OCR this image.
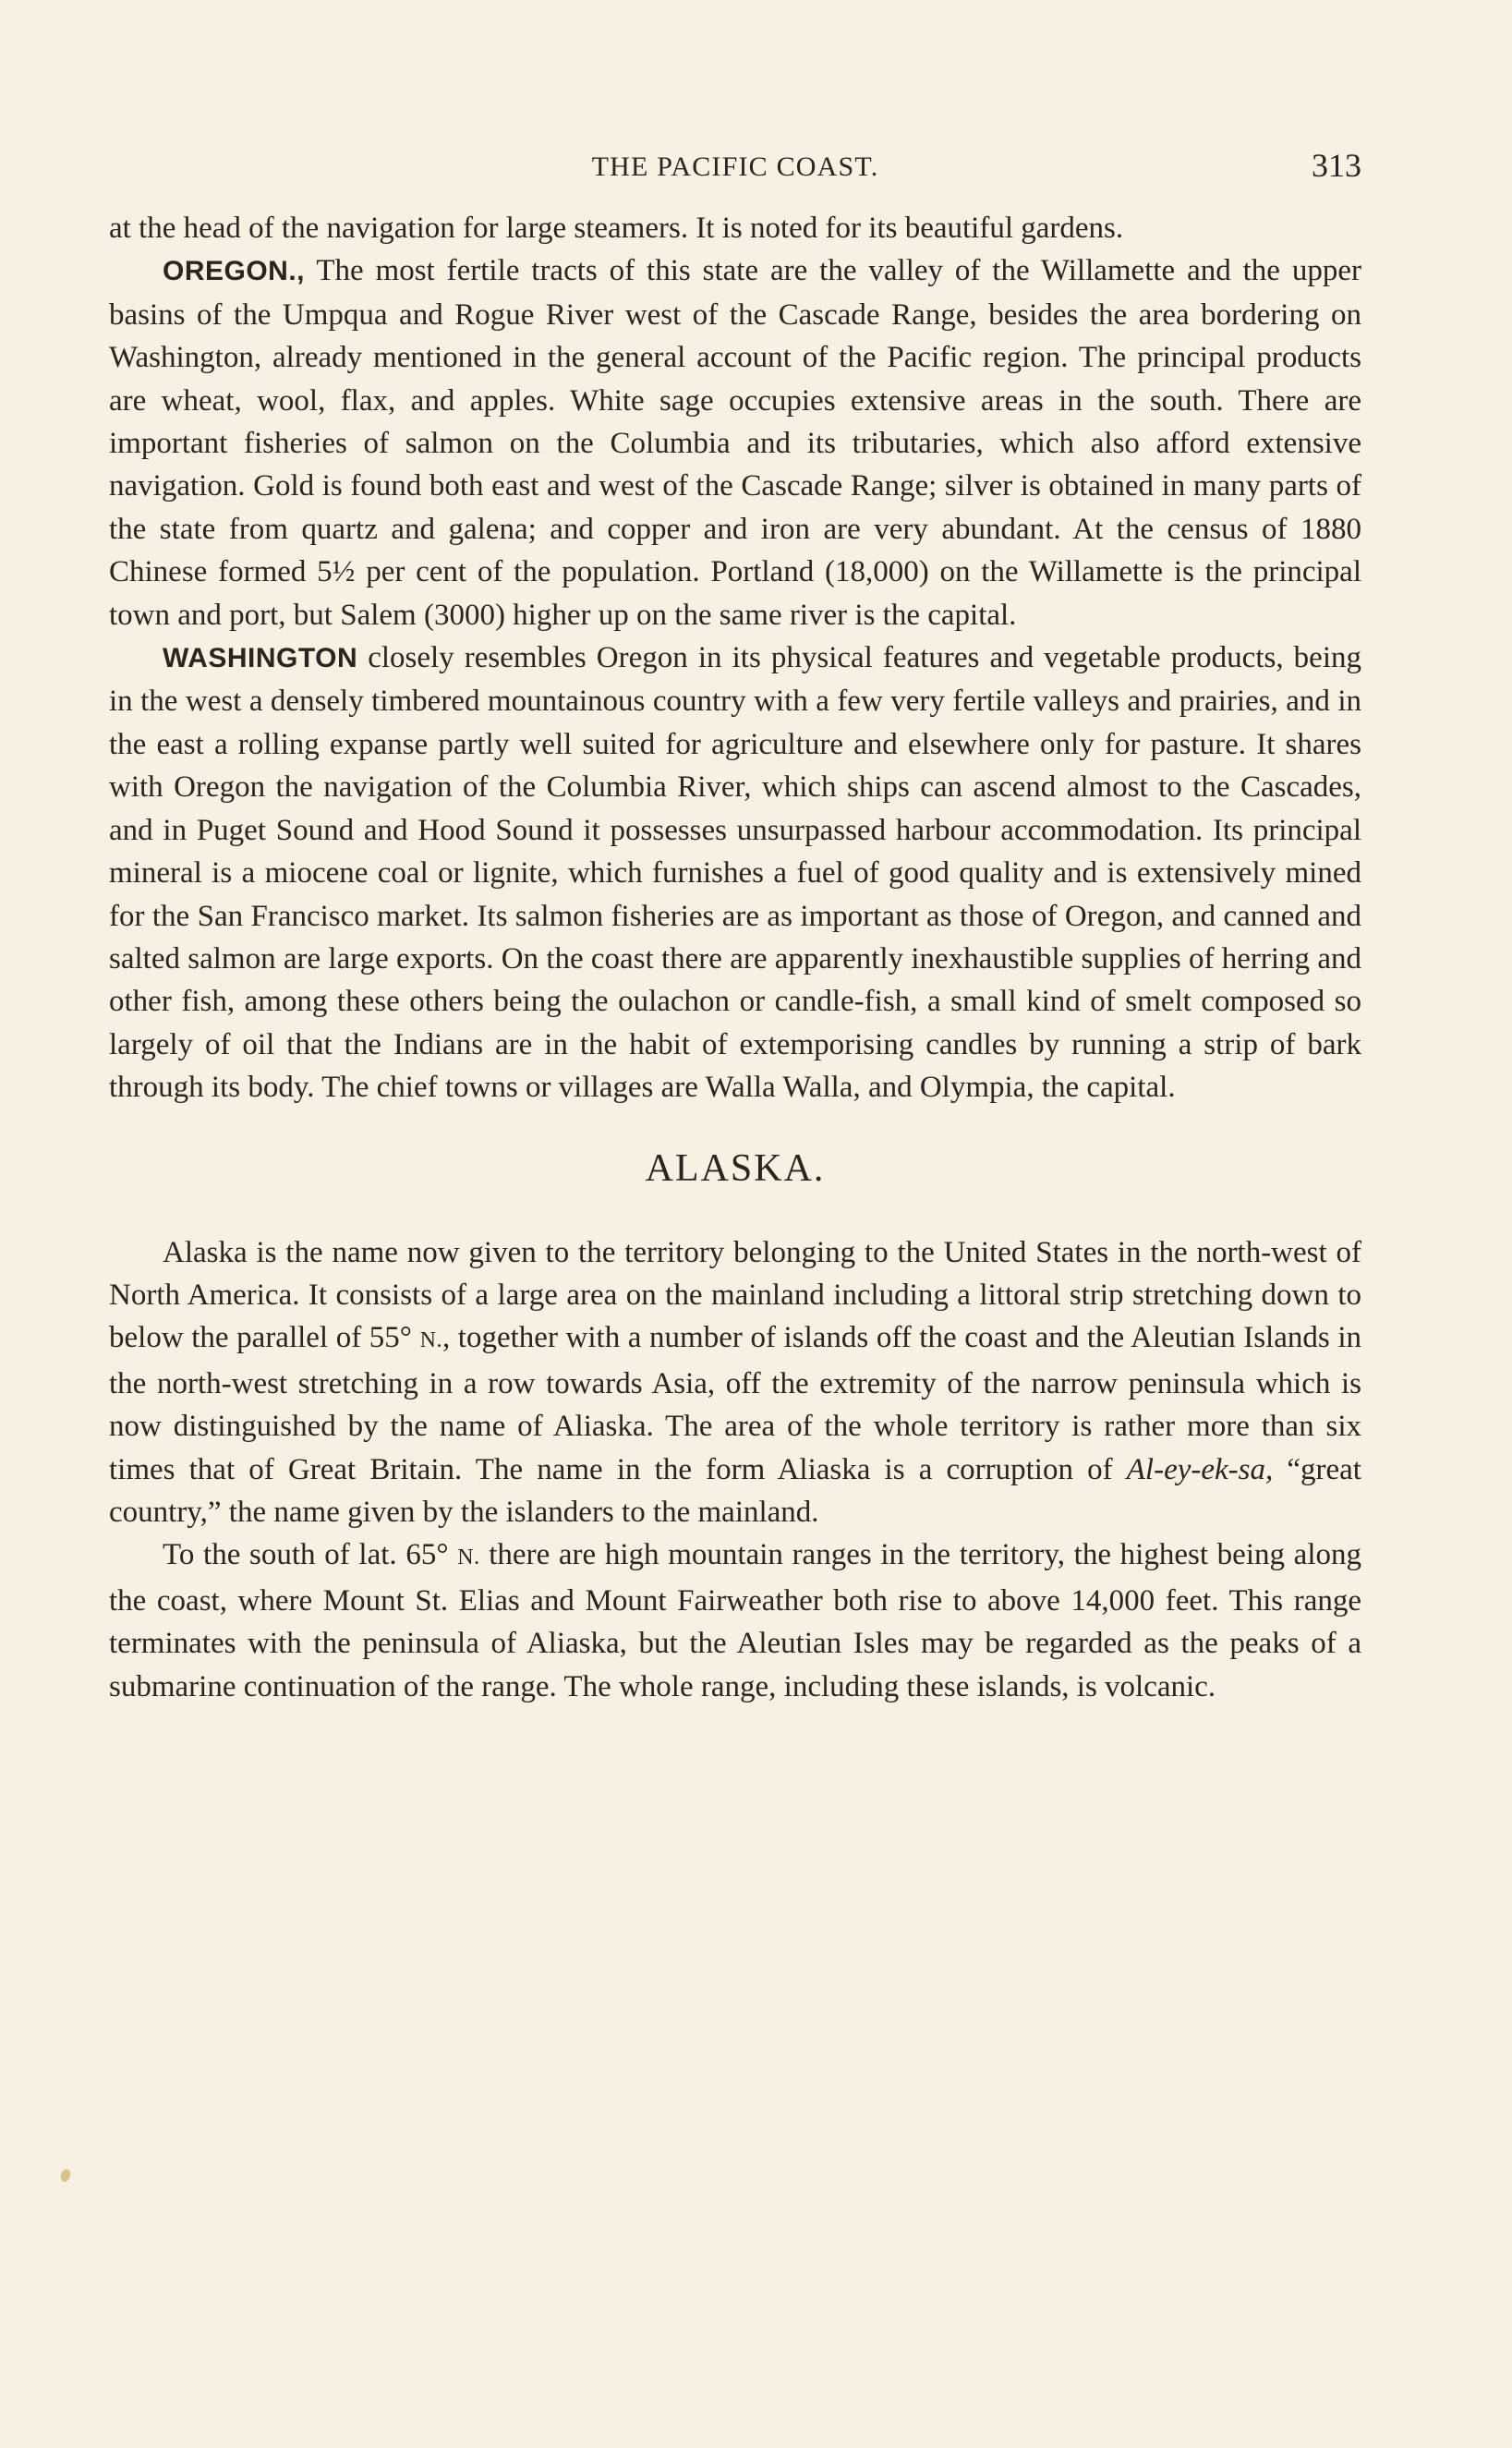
THE PACIFIC COAST.	313

at the head of the navigation for large steamers. It is noted for its beautiful gardens.

OREGON., The most fertile tracts of this state are the valley of the Willamette and the upper basins of the Umpqua and Rogue River west of the Cascade Range, besides the area bordering on Washington, already mentioned in the general account of the Pacific region. The principal products are wheat, wool, flax, and apples. White sage occupies extensive areas in the south. There are important fisheries of salmon on the Columbia and its tributaries, which also afford extensive navigation. Gold is found both east and west of the Cascade Range; silver is obtained in many parts of the state from quartz and galena; and copper and iron are very abundant. At the census of 1880 Chinese formed 5½ per cent of the population. Portland (18,000) on the Willamette is the principal town and port, but Salem (3000) higher up on the same river is the capital.

WASHINGTON closely resembles Oregon in its physical features and vegetable products, being in the west a densely timbered mountainous country with a few very fertile valleys and prairies, and in the east a rolling expanse partly well suited for agriculture and elsewhere only for pasture. It shares with Oregon the navigation of the Columbia River, which ships can ascend almost to the Cascades, and in Puget Sound and Hood Sound it possesses unsurpassed harbour accommodation. Its principal mineral is a miocene coal or lignite, which furnishes a fuel of good quality and is extensively mined for the San Francisco market. Its salmon fisheries are as important as those of Oregon, and canned and salted salmon are large exports. On the coast there are apparently inexhaustible supplies of herring and other fish, among these others being the oulachon or candle-fish, a small kind of smelt composed so largely of oil that the Indians are in the habit of extemporising candles by running a strip of bark through its body. The chief towns or villages are Walla Walla, and Olympia, the capital.

ALASKA.

Alaska is the name now given to the territory belonging to the United States in the north-west of North America. It consists of a large area on the mainland including a littoral strip stretching down to below the parallel of 55° N., together with a number of islands off the coast and the Aleutian Islands in the north-west stretching in a row towards Asia, off the extremity of the narrow peninsula which is now distinguished by the name of Aliaska. The area of the whole territory is rather more than six times that of Great Britain. The name in the form Aliaska is a corruption of Al-ey-ek-sa, “great country,” the name given by the islanders to the mainland.

To the south of lat. 65° N. there are high mountain ranges in the territory, the highest being along the coast, where Mount St. Elias and Mount Fairweather both rise to above 14,000 feet. This range terminates with the peninsula of Aliaska, but the Aleutian Isles may be regarded as the peaks of a submarine continuation of the range. The whole range, including these islands, is volcanic.
